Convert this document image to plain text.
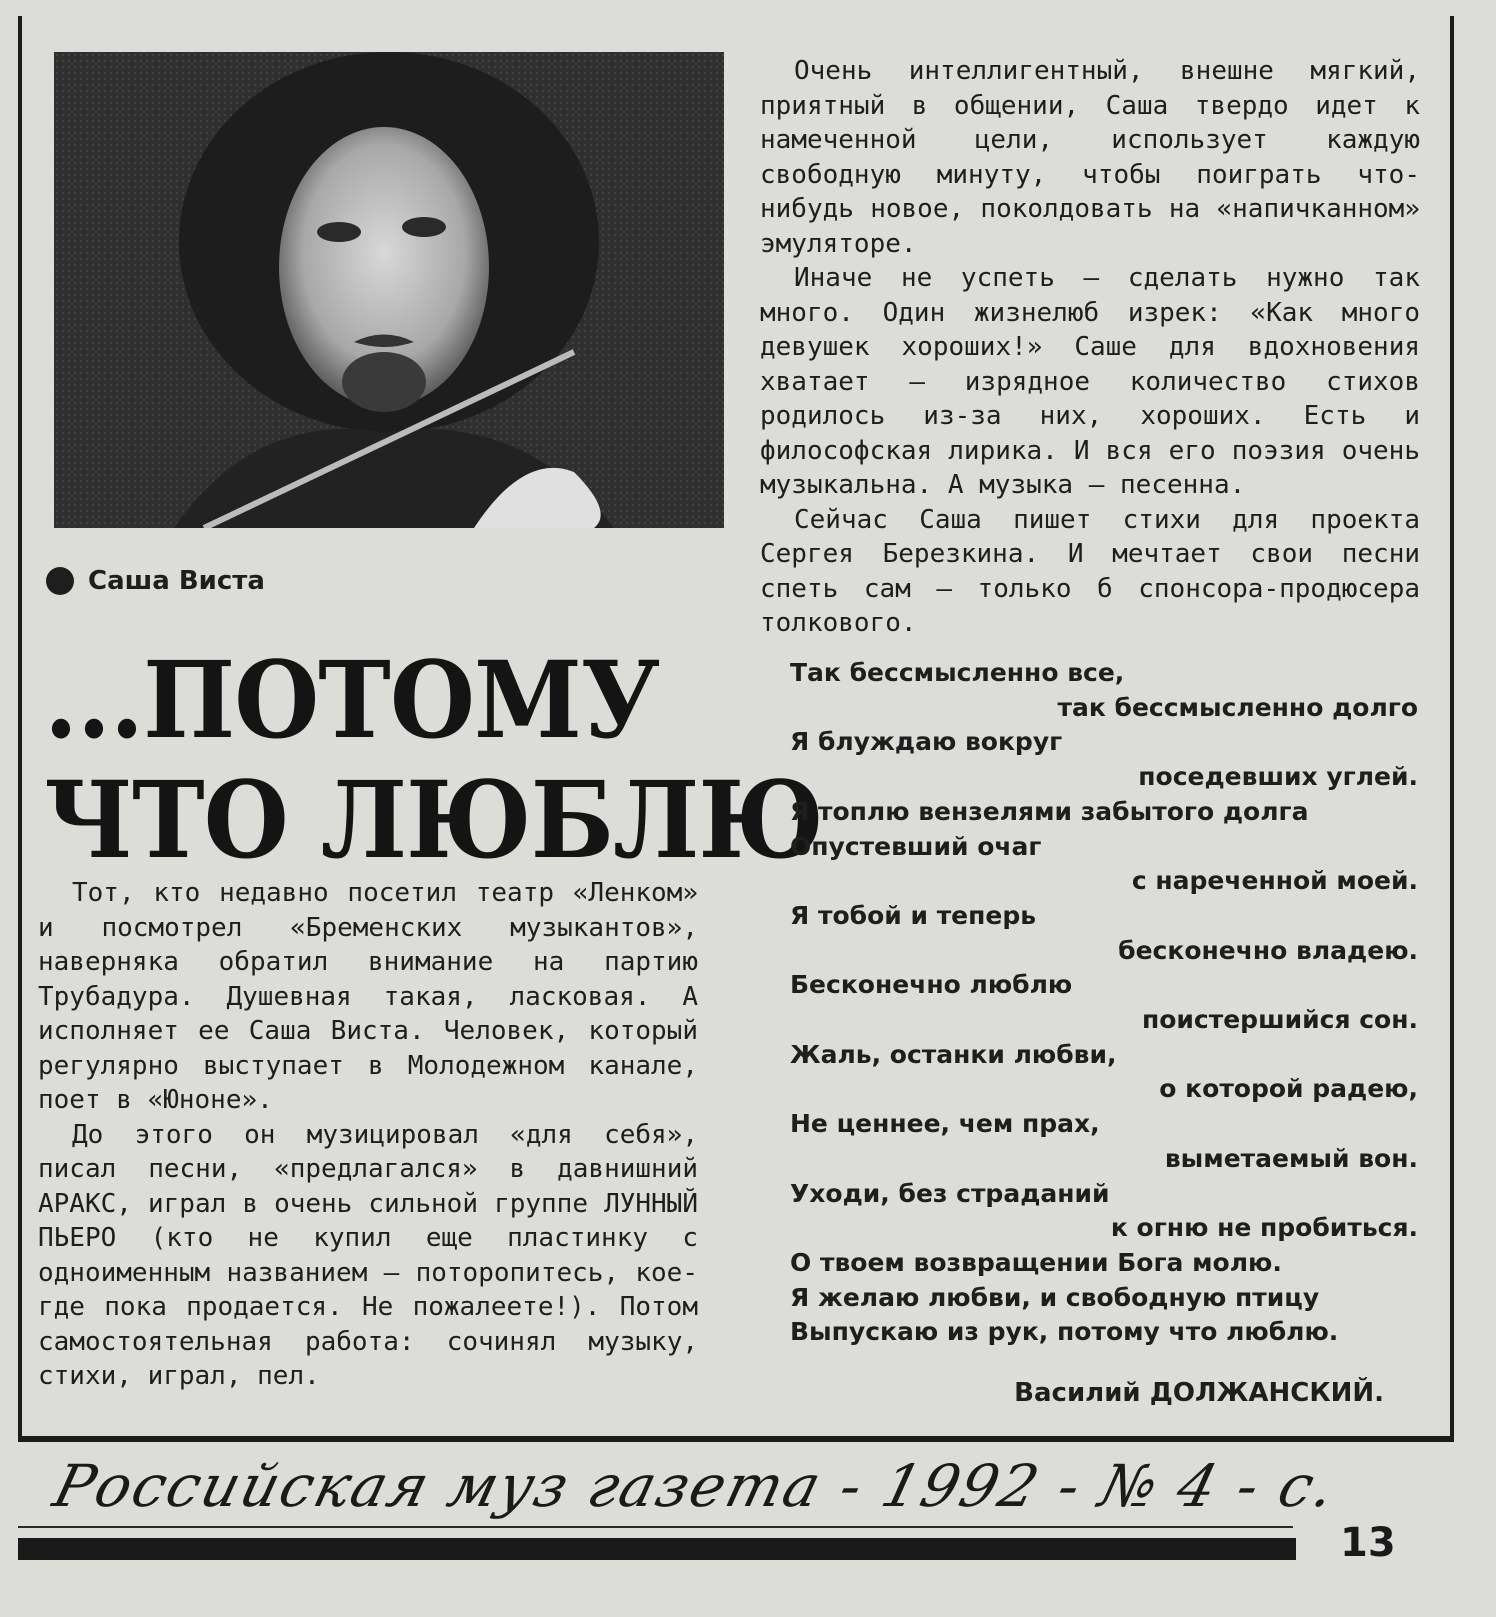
Саша Виста
...ПОТОМУ
ЧТО ЛЮБЛЮ

Тот, кто недавно посетил театр «Ленком» и посмотрел «Бременских музыкантов», наверняка обратил внимание на партию Трубадура. Душевная такая, ласковая. А исполняет ее Саша Виста. Человек, который регулярно выступает в Молодежном канале, поет в «Юноне».

До этого он музицировал «для себя», писал песни, «предлагался» в давнишний АРАКС, играл в очень сильной группе ЛУННЫЙ ПЬЕРО (кто не купил еще пластинку с одноименным названием — поторопитесь, кое-где пока продается. Не пожалеете!). Потом самостоятельная работа: сочинял музыку, стихи, играл, пел.

Очень интеллигентный, внешне мягкий, приятный в общении, Саша твердо идет к намеченной цели, использует каждую свободную минуту, чтобы поиграть что-нибудь новое, поколдовать на «напичканном» эмуляторе.

Иначе не успеть — сделать нужно так много. Один жизнелюб изрек: «Как много девушек хороших!» Саше для вдохновения хватает — изрядное количество стихов родилось из-за них, хороших. Есть и философская лирика. И вся его поэзия очень музыкальна. А музыка — песенна.

Сейчас Саша пишет стихи для проекта Сергея Березкина. И мечтает свои песни спеть сам — только б спонсора-продюсера толкового.

Так бессмысленно все,
так бессмысленно долго
Я блуждаю вокруг
поседевших углей.
Я топлю вензелями забытого долга
Опустевший очаг
с нареченной моей.
Я тобой и теперь
бесконечно владею.
Бесконечно люблю
поистершийся сон.
Жаль, останки любви,
о которой радею,
Не ценнее, чем прах,
выметаемый вон.
Уходи, без страданий
к огню не пробиться.
О твоем возвращении Бога молю.
Я желаю любви, и свободную птицу
Выпускаю из рук, потому что люблю.
Василий ДОЛЖАНСКИЙ.
Российская муз газета - 1992 - № 4 - с.
13
